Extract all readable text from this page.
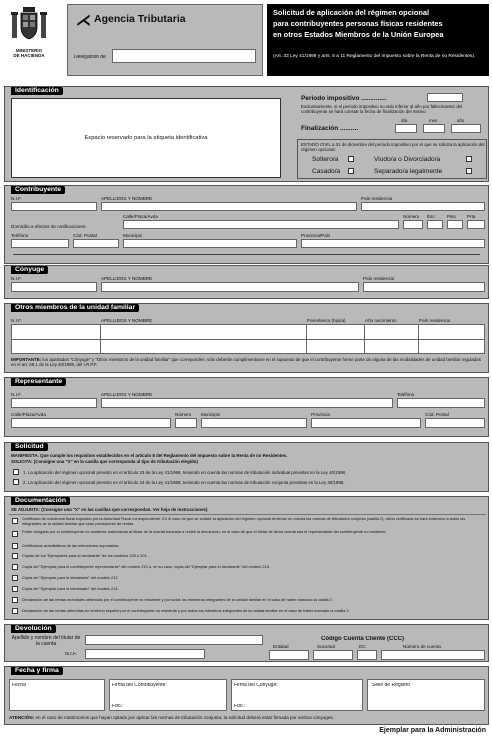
MINISTERIO
DE HACIENDA
⋌ Agencia Tributaria
Delegación de
Solicitud de aplicación del régimen opcional
para contribuyentes personas físicas residentes
en otros Estados Miembros de la Unión Europea
(Art. 33 Ley 41/1998 y arts. 8 a 11 Reglamento del Impuesto sobre la Renta de no Residentes).
Identificación
Espacio reservado para la etiqueta identificativa
Periodo impositivo ..............
Exclusivamente, si el periodo impositivo no sido inferior al año por fallecimiento del contribuyente se hará constar la fecha de finalización del mismo
día	mes	año
Finalización ..........
ESTADO CIVIL a 31 de diciembre del período impositivo por el que se solicita la aplicación del régimen opcional:
Soltero/a	Viudo/a o Divorciado/a
Casado/a	Separado/a legalmente
Contribuyente
N.I.F.	APELLIDOS Y NOMBRE	País residencia
Calle/Plaza/Avda	Número Esc. Piso Prta
Domicilio a efectos de notificaciones:
Teléfono	Cód. Postal	Municipio	Provincia/País
Cónyuge
N.I.F.	APELLIDOS Y NOMBRE	País residencia
Otros miembros de la unidad familiar
N.I.F.	APELLIDOS Y NOMBRE	Parentesco (hijo/a)	Año nacimiento	País residencia
IMPORTANTE: los apartados "Cónyuge" y "Otros miembros de la unidad familiar" que correponden, sólo deberán cumplimentarse en el supuesto de que el contribuyente forme parte de alguna de las modalidades de unidad familiar reguladas en el art. 68.1 de la Ley 40/1998, del I.R.P.F.
Representante
N.I.F.	APELLIDOS Y NOMBRE	Teléfono
Calle/Plaza/Avda	Número Municipio	Provincia	Cód. Postal
Solicitud
MANIFIESTA: Que cumple los requisitos establecidos en el artículo 8 del Reglamento del Impuesto sobre la Renta de no Residentes.
SOLICITA: (Consigne una "X" en la casilla que corresponda al tipo de tributación elegido)
1. La aplicación del régimen opcional previsto en el artículo 33 de la Ley 41/1998, teniendo en cuenta las normas de tributación individual previstas en la Ley 40/1998.
2. La aplicación del régimen opcional previsto en el artículo 33 de la Ley 41/1998, teniendo en cuenta las normas de tributación conjunta previstas en la Ley 40/1998.
Documentación
SE ADJUNTA: (Consigne una "X" en las casillas que correspondan. Ver hoja de instrucciones)
Certificado de residencia fiscal expedido por la Autoridad Fiscal correspondiente. En el caso de que se solicite la aplicación del régimen opcional teniendo en cuenta las normas de tributación conjunta (casilla 2), dicho certificado se hará extensivo a todos los integrantes de la unidad familiar que sean perceptores de rentas.
Poder otorgado por el contribuyente no residente autorizando al titular de la cuenta bancaria a recibir la devolución, en el caso de que el titular de dicha cuenta sea el representante del contribuyente no residente.
Certificados acreditativos de las retenciones soportadas.
Copias de los "Ejemplares para el declarante" de los modelos 200 ó 201.
Copia del "Ejemplar para el contribuyente representante" del modelo 210 o, en su caso, copia del "Ejemplar para el declarante" del modelo 215.
Copia del "Ejemplar para el declarante" del modelo 212.
Copia del "Ejemplar para el interesado" del modelo 214.
Declaración de las rentas mundiales obtenidas por el contribuyente no residente y por todos los miembros integrantes de la unidad familiar en el caso de haber marcado la casilla 2.
Declaración de las rentas obtenidas en territorio español por el contribuyente no residente y por todos los miembros integrantes de la unidad familiar en el caso de haber marcado la casilla 2.
Devolución
Apellido y nombre del titular de la cuenta
N.I.F.
Código Cuenta Cliente (CCC)
Entidad	Sucursal	DC	Número de cuenta
Fecha y firma
Fecha	Firma del Contribuyente:
Fdo.:
Firma del Cónyuge:
Fdo.:
Sello de Registro
ATENCIÓN: en el caso de matrimonios que hayan optado por aplicar las normas de tributación conjunta, la solicitud deberá estar firmada por ambos cónyuges.
Ejemplar para la Administración
